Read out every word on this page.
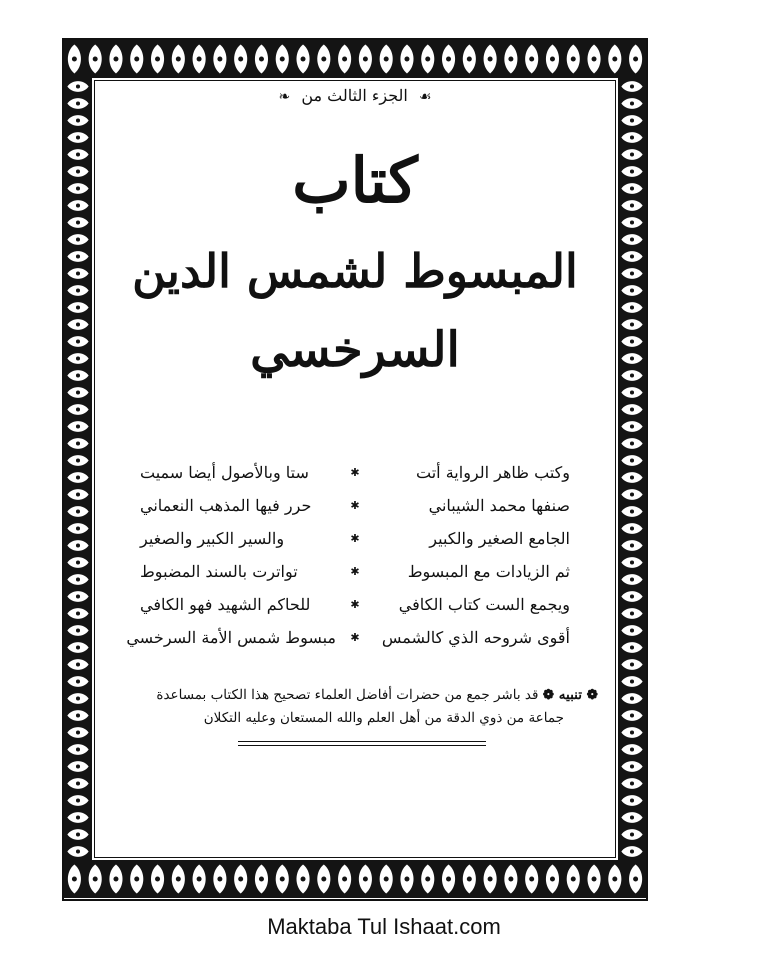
☙ الجزء الثالث من ❧
كتاب
المبسوط لشمس الدين
السرخسي
وكتب ظاهر الرواية أتت
✱
ستا وبالأصول أيضا سميت
صنفها محمد الشيباني
✱
حرر فيها المذهب النعماني
الجامع الصغير والكبير
✱
والسير الكبير والصغير
ثم الزيادات مع المبسوط
✱
تواترت بالسند المضبوط
ويجمع الست كتاب الكافي
✱
للحاكم الشهيد فهو الكافي
أقوى شروحه الذي كالشمس
✱
مبسوط شمس الأمة السرخسي
❁ تنبيه ❁ قد باشر جمع من حضرات أفاضل العلماء تصحيح هذا الكتاب بمساعدة
جماعة من ذوي الدقة من أهل العلم والله المستعان وعليه التكلان
Maktaba Tul Ishaat.com
